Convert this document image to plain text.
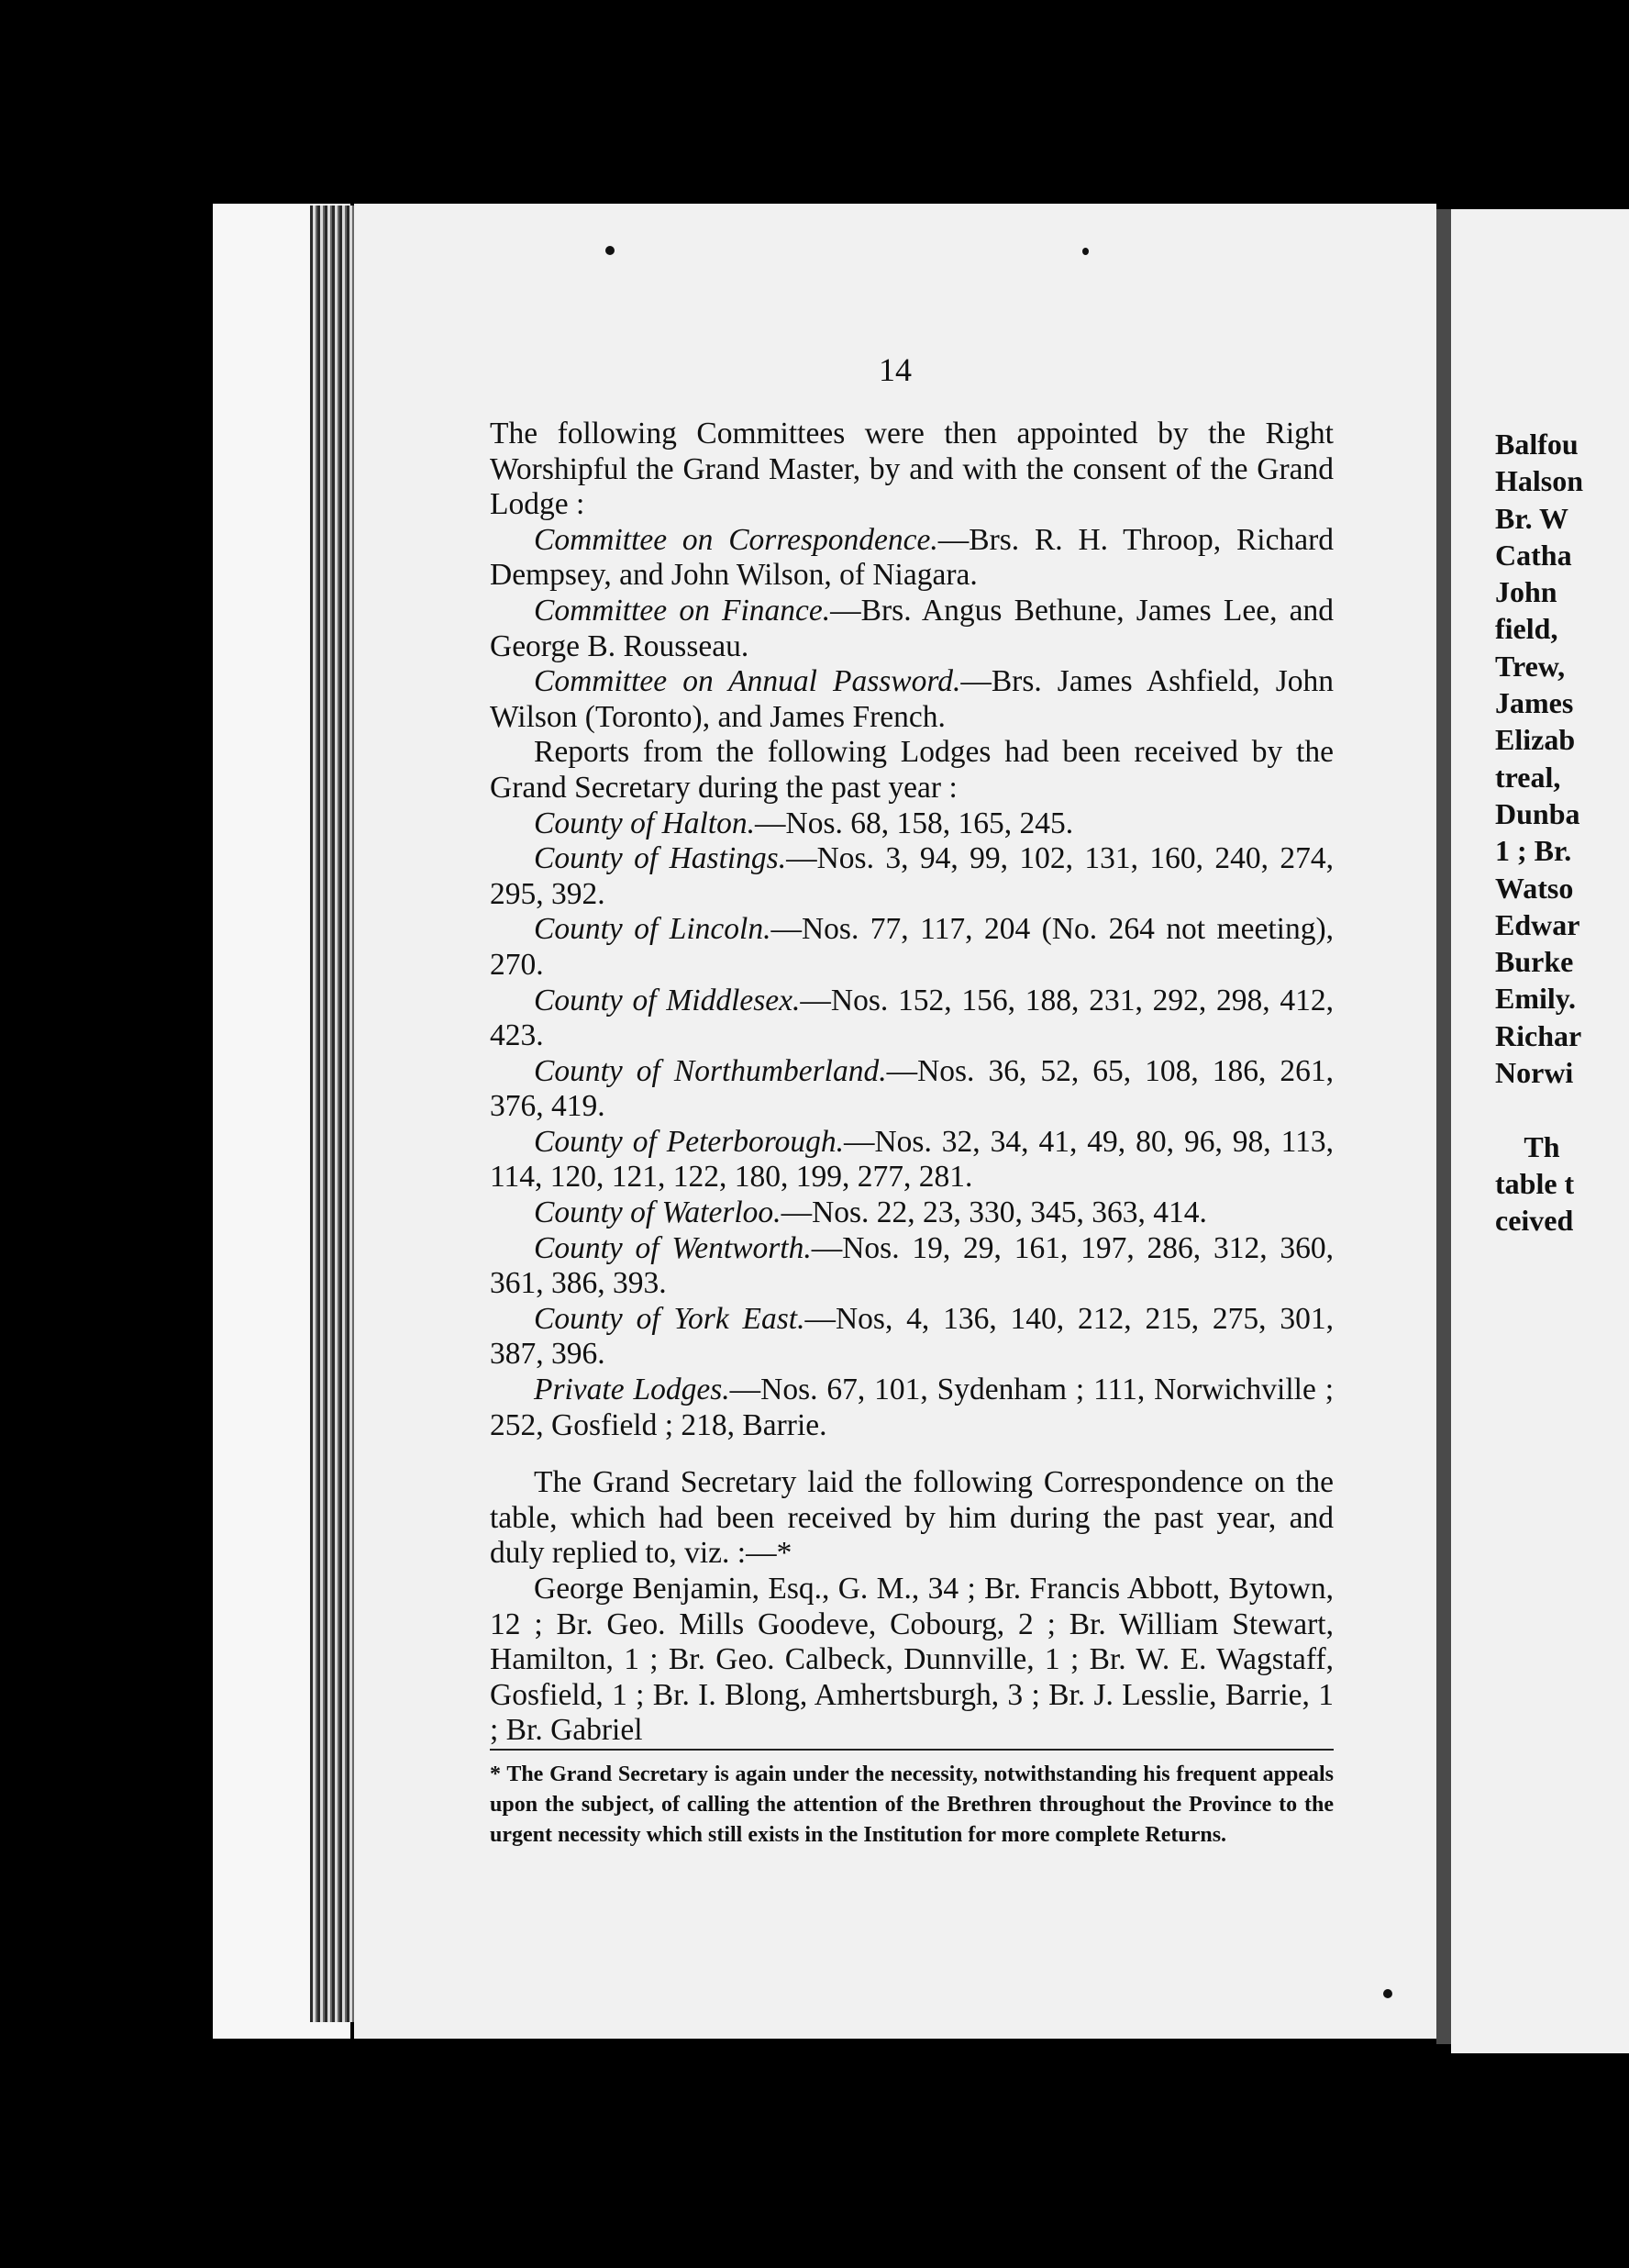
14

The following Committees were then appointed by the Right Worshipful the Grand Master, by and with the consent of the Grand Lodge :

Committee on Correspondence.—Brs. R. H. Throop, Richard Dempsey, and John Wilson, of Niagara.

Committee on Finance.—Brs. Angus Bethune, James Lee, and George B. Rousseau.

Committee on Annual Password.—Brs. James Ashfield, John Wilson (Toronto), and James French.

Reports from the following Lodges had been received by the Grand Secretary during the past year :

County of Halton.—Nos. 68, 158, 165, 245.

County of Hastings.—Nos. 3, 94, 99, 102, 131, 160, 240, 274, 295, 392.

County of Lincoln.—Nos. 77, 117, 204 (No. 264 not meeting), 270.

County of Middlesex.—Nos. 152, 156, 188, 231, 292, 298, 412, 423.

County of Northumberland.—Nos. 36, 52, 65, 108, 186, 261, 376, 419.

County of Peterborough.—Nos. 32, 34, 41, 49, 80, 96, 98, 113, 114, 120, 121, 122, 180, 199, 277, 281.

County of Waterloo.—Nos. 22, 23, 330, 345, 363, 414.

County of Wentworth.—Nos. 19, 29, 161, 197, 286, 312, 360, 361, 386, 393.

County of York East.—Nos, 4, 136, 140, 212, 215, 275, 301, 387, 396.

Private Lodges.—Nos. 67, 101, Sydenham ; 111, Norwichville ; 252, Gosfield ; 218, Barrie.

The Grand Secretary laid the following Correspondence on the table, which had been received by him during the past year, and duly replied to, viz. :—*

George Benjamin, Esq., G. M., 34 ; Br. Francis Abbott, Bytown, 12 ; Br. Geo. Mills Goodeve, Cobourg, 2 ; Br. William Stewart, Hamilton, 1 ; Br. Geo. Calbeck, Dunnville, 1 ; Br. W. E. Wagstaff, Gosfield, 1 ; Br. I. Blong, Amhertsburgh, 3 ; Br. J. Lesslie, Barrie, 1 ; Br. Gabriel

* The Grand Secretary is again under the necessity, notwithstanding his frequent appeals upon the subject, of calling the attention of the Brethren throughout the Province to the urgent necessity which still exists in the Institution for more complete Returns.
Balfou
Halson
Br. W
Catha
John
field,
Trew,
James
Elizab
treal,
Dunba
1 ; Br.
Watso
Edwar
Burke
Emily.
Richar
Norwi
Th
table t
ceived
